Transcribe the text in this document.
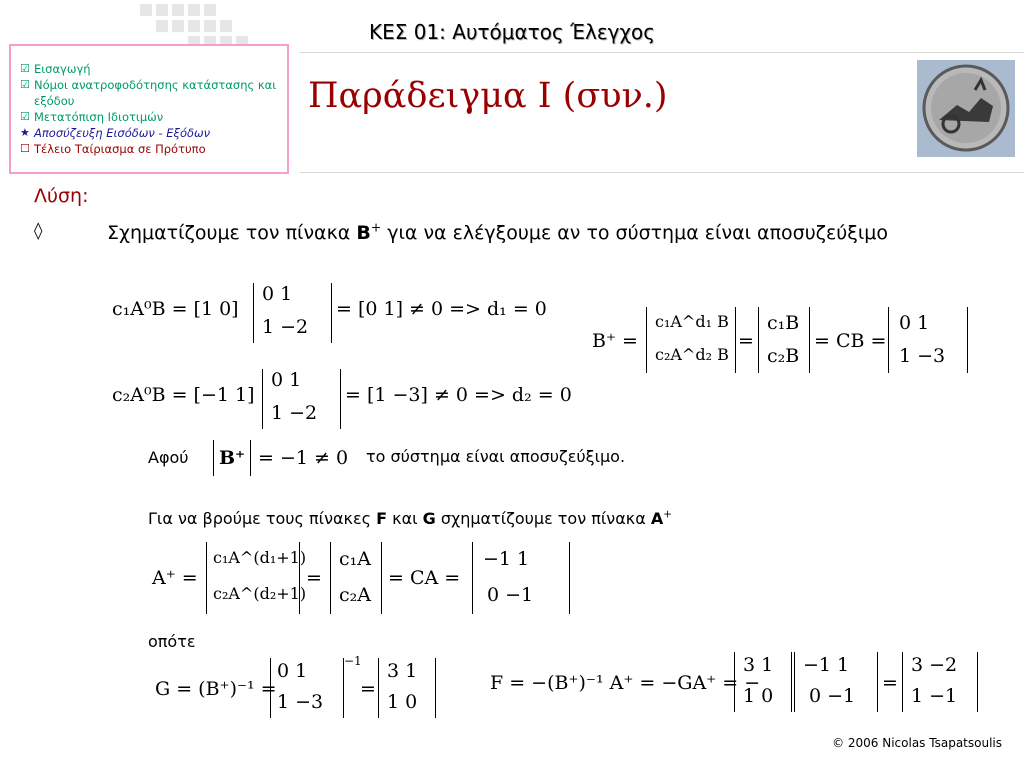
ΚΕΣ 01: Αυτόματος Έλεγχος
☑ Εισαγωγή
☑ Νόμοι ανατροφοδότησης κατάστασης και εξόδου
☑ Μετατόπιση Ιδιοτιμών
★ Αποσύζευξη Εισόδων - Εξόδων
☐ Τέλειο Ταίριασμα σε Πρότυπο
Παράδειγμα Ι (συν.)
Λύση:
◊	Σχηματίζουμε τον πίνακα B+ για να ελέγξουμε αν το σύστημα είναι αποσυζεύξιμο
c₁A⁰B = [1 0]
0 1
1 −2
= [0 1] ≠ 0 => d₁ = 0
B⁺ =
c₁A^d₁ B
c₂A^d₂ B
=
c₁B
c₂B
= CB =
0 1
1 −3
c₂A⁰B = [−1 1]
0 1
1 −2
= [1 −3] ≠ 0 => d₂ = 0
Αφού	B⁺ = −1 ≠ 0 το σύστημα είναι αποσυζεύξιμο.
Για να βρούμε τους πίνακες F και G σχηματίζουμε τον πίνακα A+
A⁺ =
c₁A^(d₁+1)
c₂A^(d₂+1)
=
c₁A
c₂A
= CA =
−1 1
0 −1
οπότε
G = (B⁺)⁻¹ =
0 1
1 −3
−1
=
3 1
1 0
F = −(B⁺)⁻¹ A⁺ = −GA⁺ = −
3 1
1 0
−1 1
0 −1
=
3 −2
1 −1
© 2006 Nicolas Tsapatsoulis
